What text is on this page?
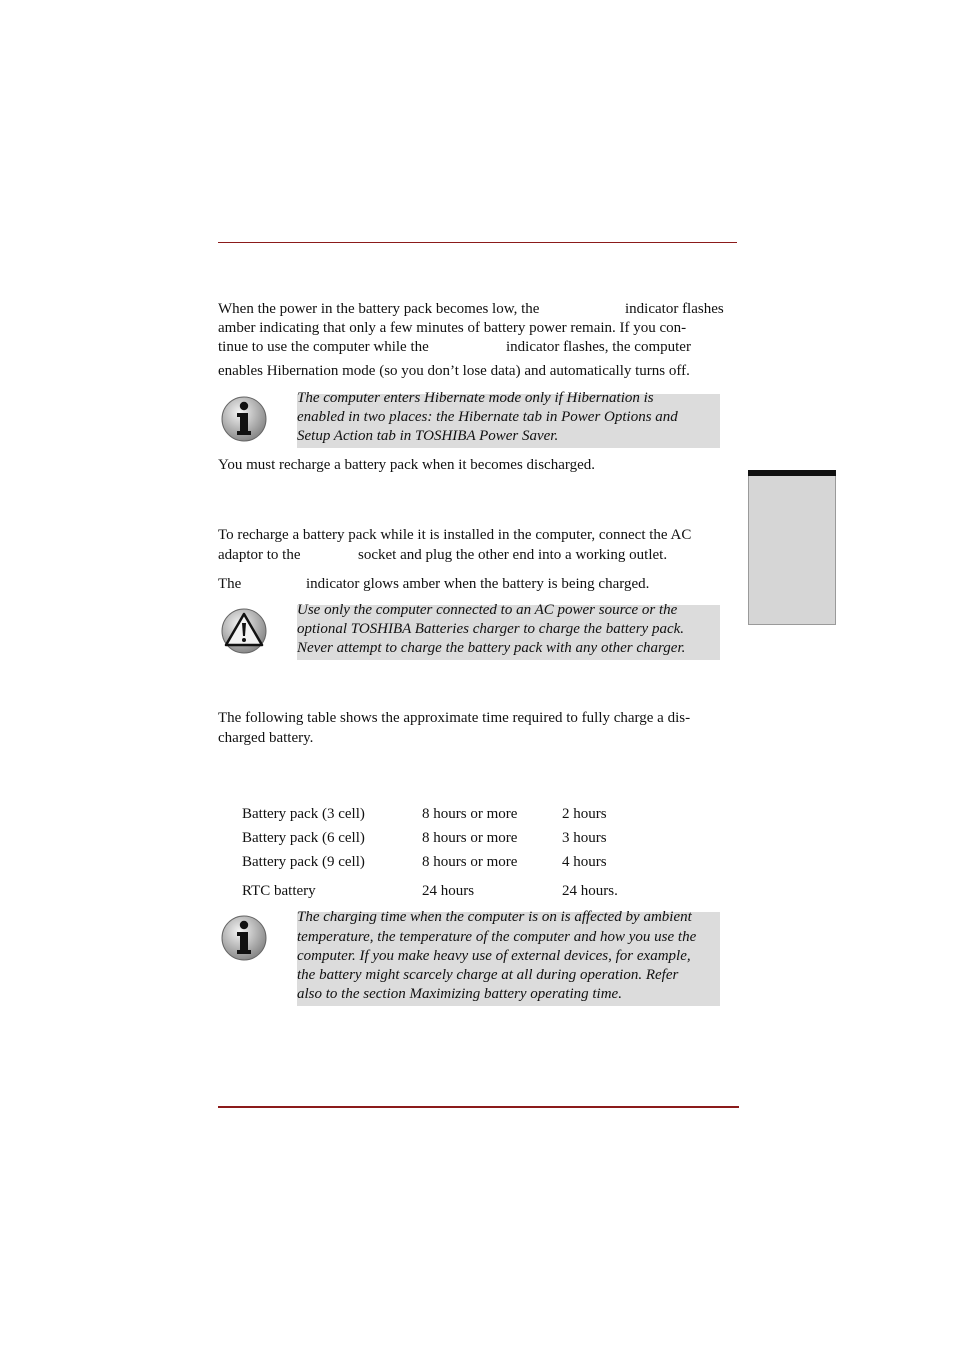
When the power in the battery pack becomes low, the	indicator flashes
amber indicating that only a few minutes of battery power remain. If you con-
tinue to use the computer while the	indicator flashes, the computer
enables Hibernation mode (so you don’t lose data) and automatically turns off.
The computer enters Hibernate mode only if Hibernation is
enabled in two places: the Hibernate tab in Power Options and
Setup Action tab in TOSHIBA Power Saver.
You must recharge a battery pack when it becomes discharged.
To recharge a battery pack while it is installed in the computer, connect the AC
adaptor to the	socket and plug the other end into a working outlet.
The	indicator glows amber when the battery is being charged.
Use only the computer connected to an AC power source or the
optional TOSHIBA Batteries charger to charge the battery pack.
Never attempt to charge the battery pack with any other charger.
The following table shows the approximate time required to fully charge a dis-
charged battery.
Battery pack (3 cell)	8 hours or more	2 hours
Battery pack (6 cell)	8 hours or more	3 hours
Battery pack (9 cell)	8 hours or more	4 hours
RTC battery	24 hours	24 hours.
The charging time when the computer is on is affected by ambient
temperature, the temperature of the computer and how you use the
computer. If you make heavy use of external devices, for example,
the battery might scarcely charge at all during operation. Refer
also to the section Maximizing battery operating time.
